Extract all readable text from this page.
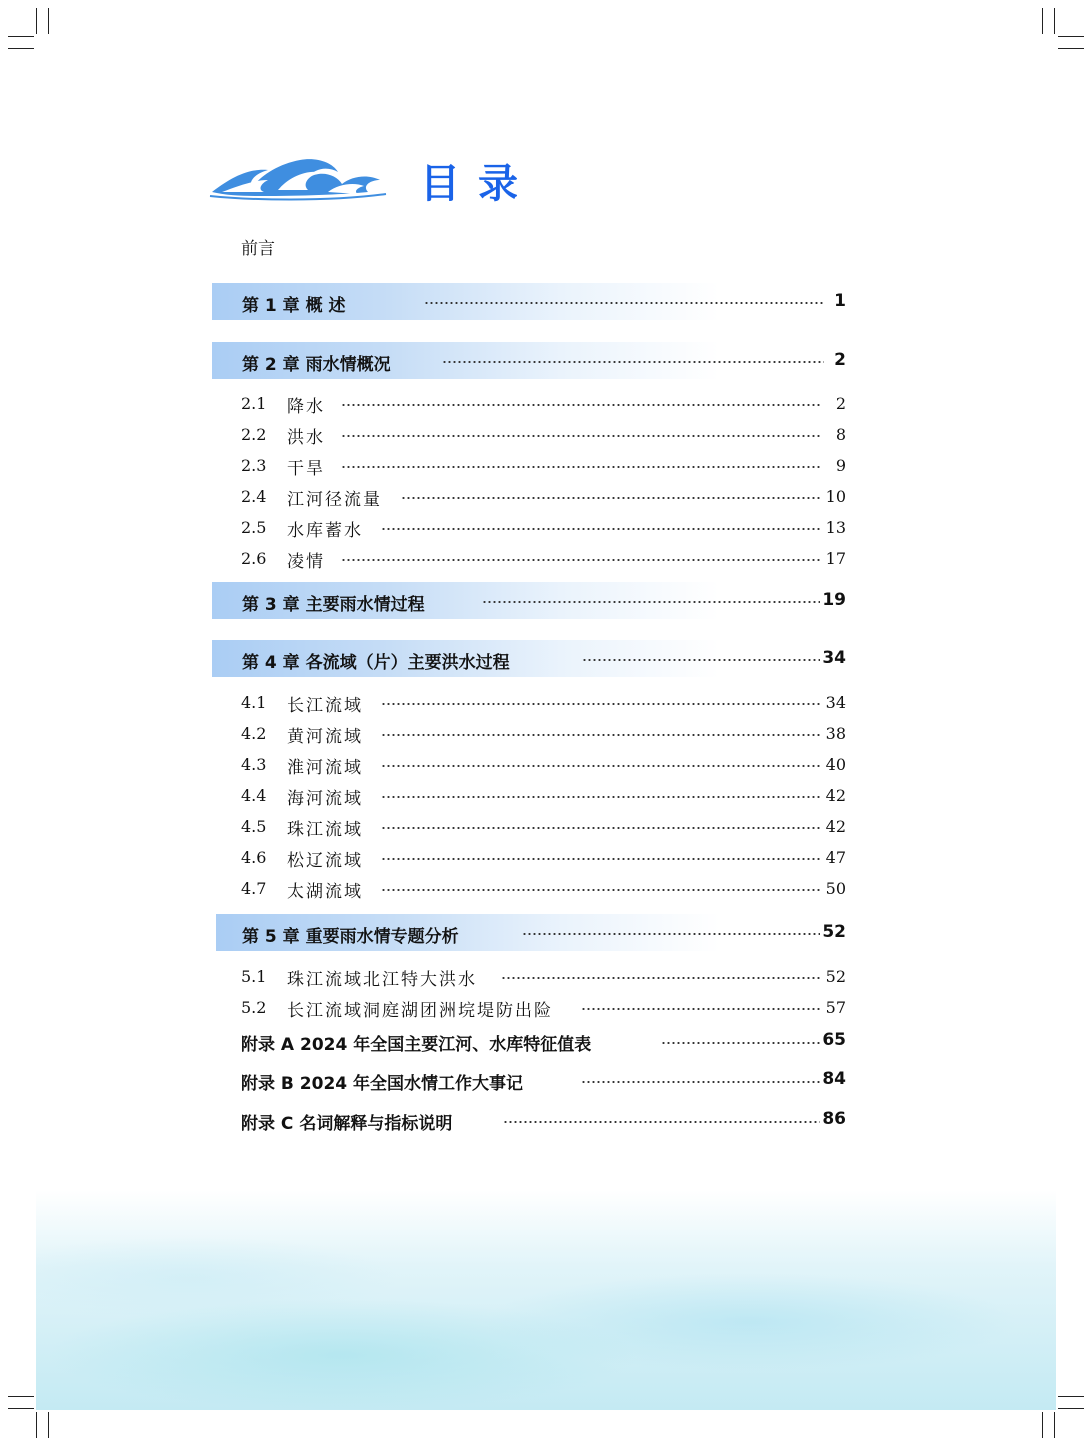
目录
前言
第 1 章 概 述	1
第 2 章 雨水情概况	2
2.1 降水	2
2.2 洪水	8
2.3 干旱	9
2.4 江河径流量	10
2.5 水库蓄水	13
2.6 凌情	17
第 3 章 主要雨水情过程	19
第 4 章 各流域（片）主要洪水过程	34
4.1 长江流域	34
4.2 黄河流域	38
4.3 淮河流域	40
4.4 海河流域	42
4.5 珠江流域	42
4.6 松辽流域	47
4.7 太湖流域	50
第 5 章 重要雨水情专题分析	52
5.1 珠江流域北江特大洪水	52
5.2 长江流域洞庭湖团洲垸堤防出险	57
附录 A 2024 年全国主要江河、水库特征值表	65
附录 B 2024 年全国水情工作大事记	84
附录 C 名词解释与指标说明	86
